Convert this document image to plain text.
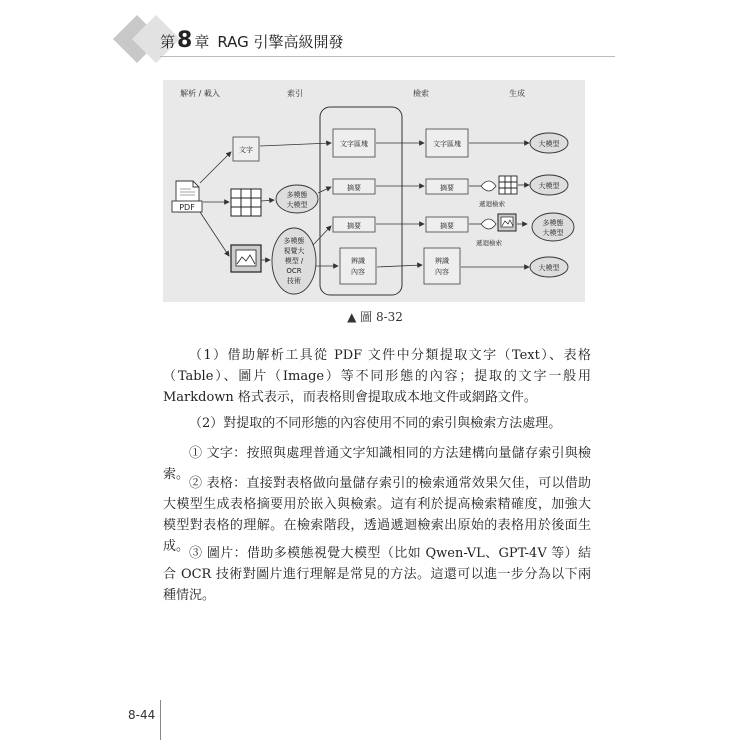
第8 章 RAG 引擎高級開發
解析 / 載入	索引	檢索	生成
PDF
文字
多模態
大模型
多模態
視覺大
模型 /
OCR
技術
文字區塊
摘要
摘要
辨識
內容
文字區塊
摘要
摘要
辨識
內容
遞迴檢索
遞迴檢索
大模型
大模型
多模態
大模型
大模型
▲ 圖 8-32

（1）借助解析工具從 PDF 文件中分類提取文字（Text）、表格（Table）、圖片（Image）等不同形態的內容；提取的文字一般用 Markdown 格式表示，而表格則會提取成本地文件或網路文件。

（2）對提取的不同形態的內容使用不同的索引與檢索方法處理。

① 文字：按照與處理普通文字知識相同的方法建構向量儲存索引與檢索。

② 表格：直接對表格做向量儲存索引的檢索通常效果欠佳，可以借助大模型生成表格摘要用於嵌入與檢索。這有利於提高檢索精確度，加強大模型對表格的理解。在檢索階段，透過遞迴檢索出原始的表格用於後面生成。 ③ 圖片：借助多模態視覺大模型（比如 Qwen-VL、GPT-4V 等）結合 OCR 技術對圖片進行理解是常見的方法。這還可以進一步分為以下兩種情況。

8-44
